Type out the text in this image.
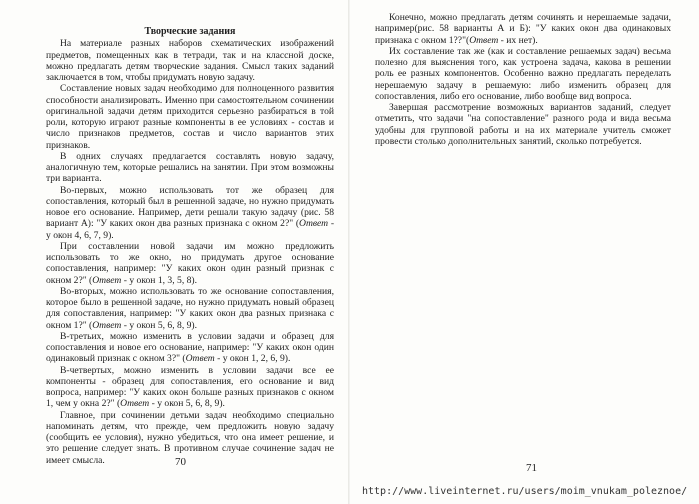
Творческие задания

На материале разных наборов схематических изображений предметов, помещенных как в тетради, так и на классной доске, можно предлагать детям творческие задания. Смысл таких заданий заключается в том, чтобы придумать новую задачу.

Составление новых задач необходимо для полноценного развития способности анализировать. Именно при самостоятельном сочинении оригинальной задачи детям приходится серьезно разбираться в той роли, которую играют разные компоненты в ее условиях - состав и число признаков предметов, состав и число вариантов этих признаков.

В одних случаях предлагается составлять новую задачу, аналогичную тем, которые решались на занятии. При этом возможны три варианта.

Во-первых, можно использовать тот же образец для сопоставления, который был в решенной задаче, но нужно придумать новое его основание. Например, дети решали такую задачу (рис. 58 вариант А): "У каких окон два разных признака с окном 2?" (Ответ - у окон 4, 6, 7, 9).

При составлении новой задачи им можно предложить использовать то же окно, но придумать другое основание сопоставления, например: "У каких окон один разный признак с окном 2?" (Ответ - у окон 1, 3, 5, 8).

Во-вторых, можно использовать то же основание сопоставления, которое было в решенной задаче, но нужно придумать новый образец для сопоставления, например: "У каких окон два разных признака с окном 1?" (Ответ - у окон 5, 6, 8, 9).

В-третьих, можно изменить в условии задачи и образец для сопоставления и новое его основание, например: "У каких окон один одинаковый признак с окном 3?" (Ответ - у окон 1, 2, 6, 9).

В-четвертых, можно изменить в условии задачи все ее компоненты - образец для сопоставления, его основание и вид вопроса, например: "У каких окон больше разных признаков с окном 1, чем у окна 2?" (Ответ - у окон 5, 6, 8, 9).

Главное, при сочинении детьми задач необходимо специально напоминать детям, что прежде, чем предложить новую задачу (сообщить ее условия), нужно убедиться, что она имеет решение, и это решение следует знать. В противном случае сочинение задач не имеет смысла.	70

Конечно, можно предлагать детям сочинять и нерешаемые задачи, например(рис. 58 варианты А и Б): "У каких окон два одинаковых признака с окном 1??"(Ответ - их нет).

Их составление так же (как и составление решаемых задач) весьма полезно для выяснения того, как устроена задача, какова в решении роль ее разных компонентов. Особенно важно предлагать переделать нерешаемую задачу в решаемую: либо изменить образец для сопоставления, либо его основание, либо вообще вид вопроса.

Завершая рассмотрение возможных вариантов заданий, следует отметить, что задачи "на сопоставление" разного рода и вида весьма удобны для групповой работы и на их материале учитель сможет провести столько дополнительных занятий, сколько потребуется.

71
http://www.liveinternet.ru/users/moim_vnukam_poleznoe/
